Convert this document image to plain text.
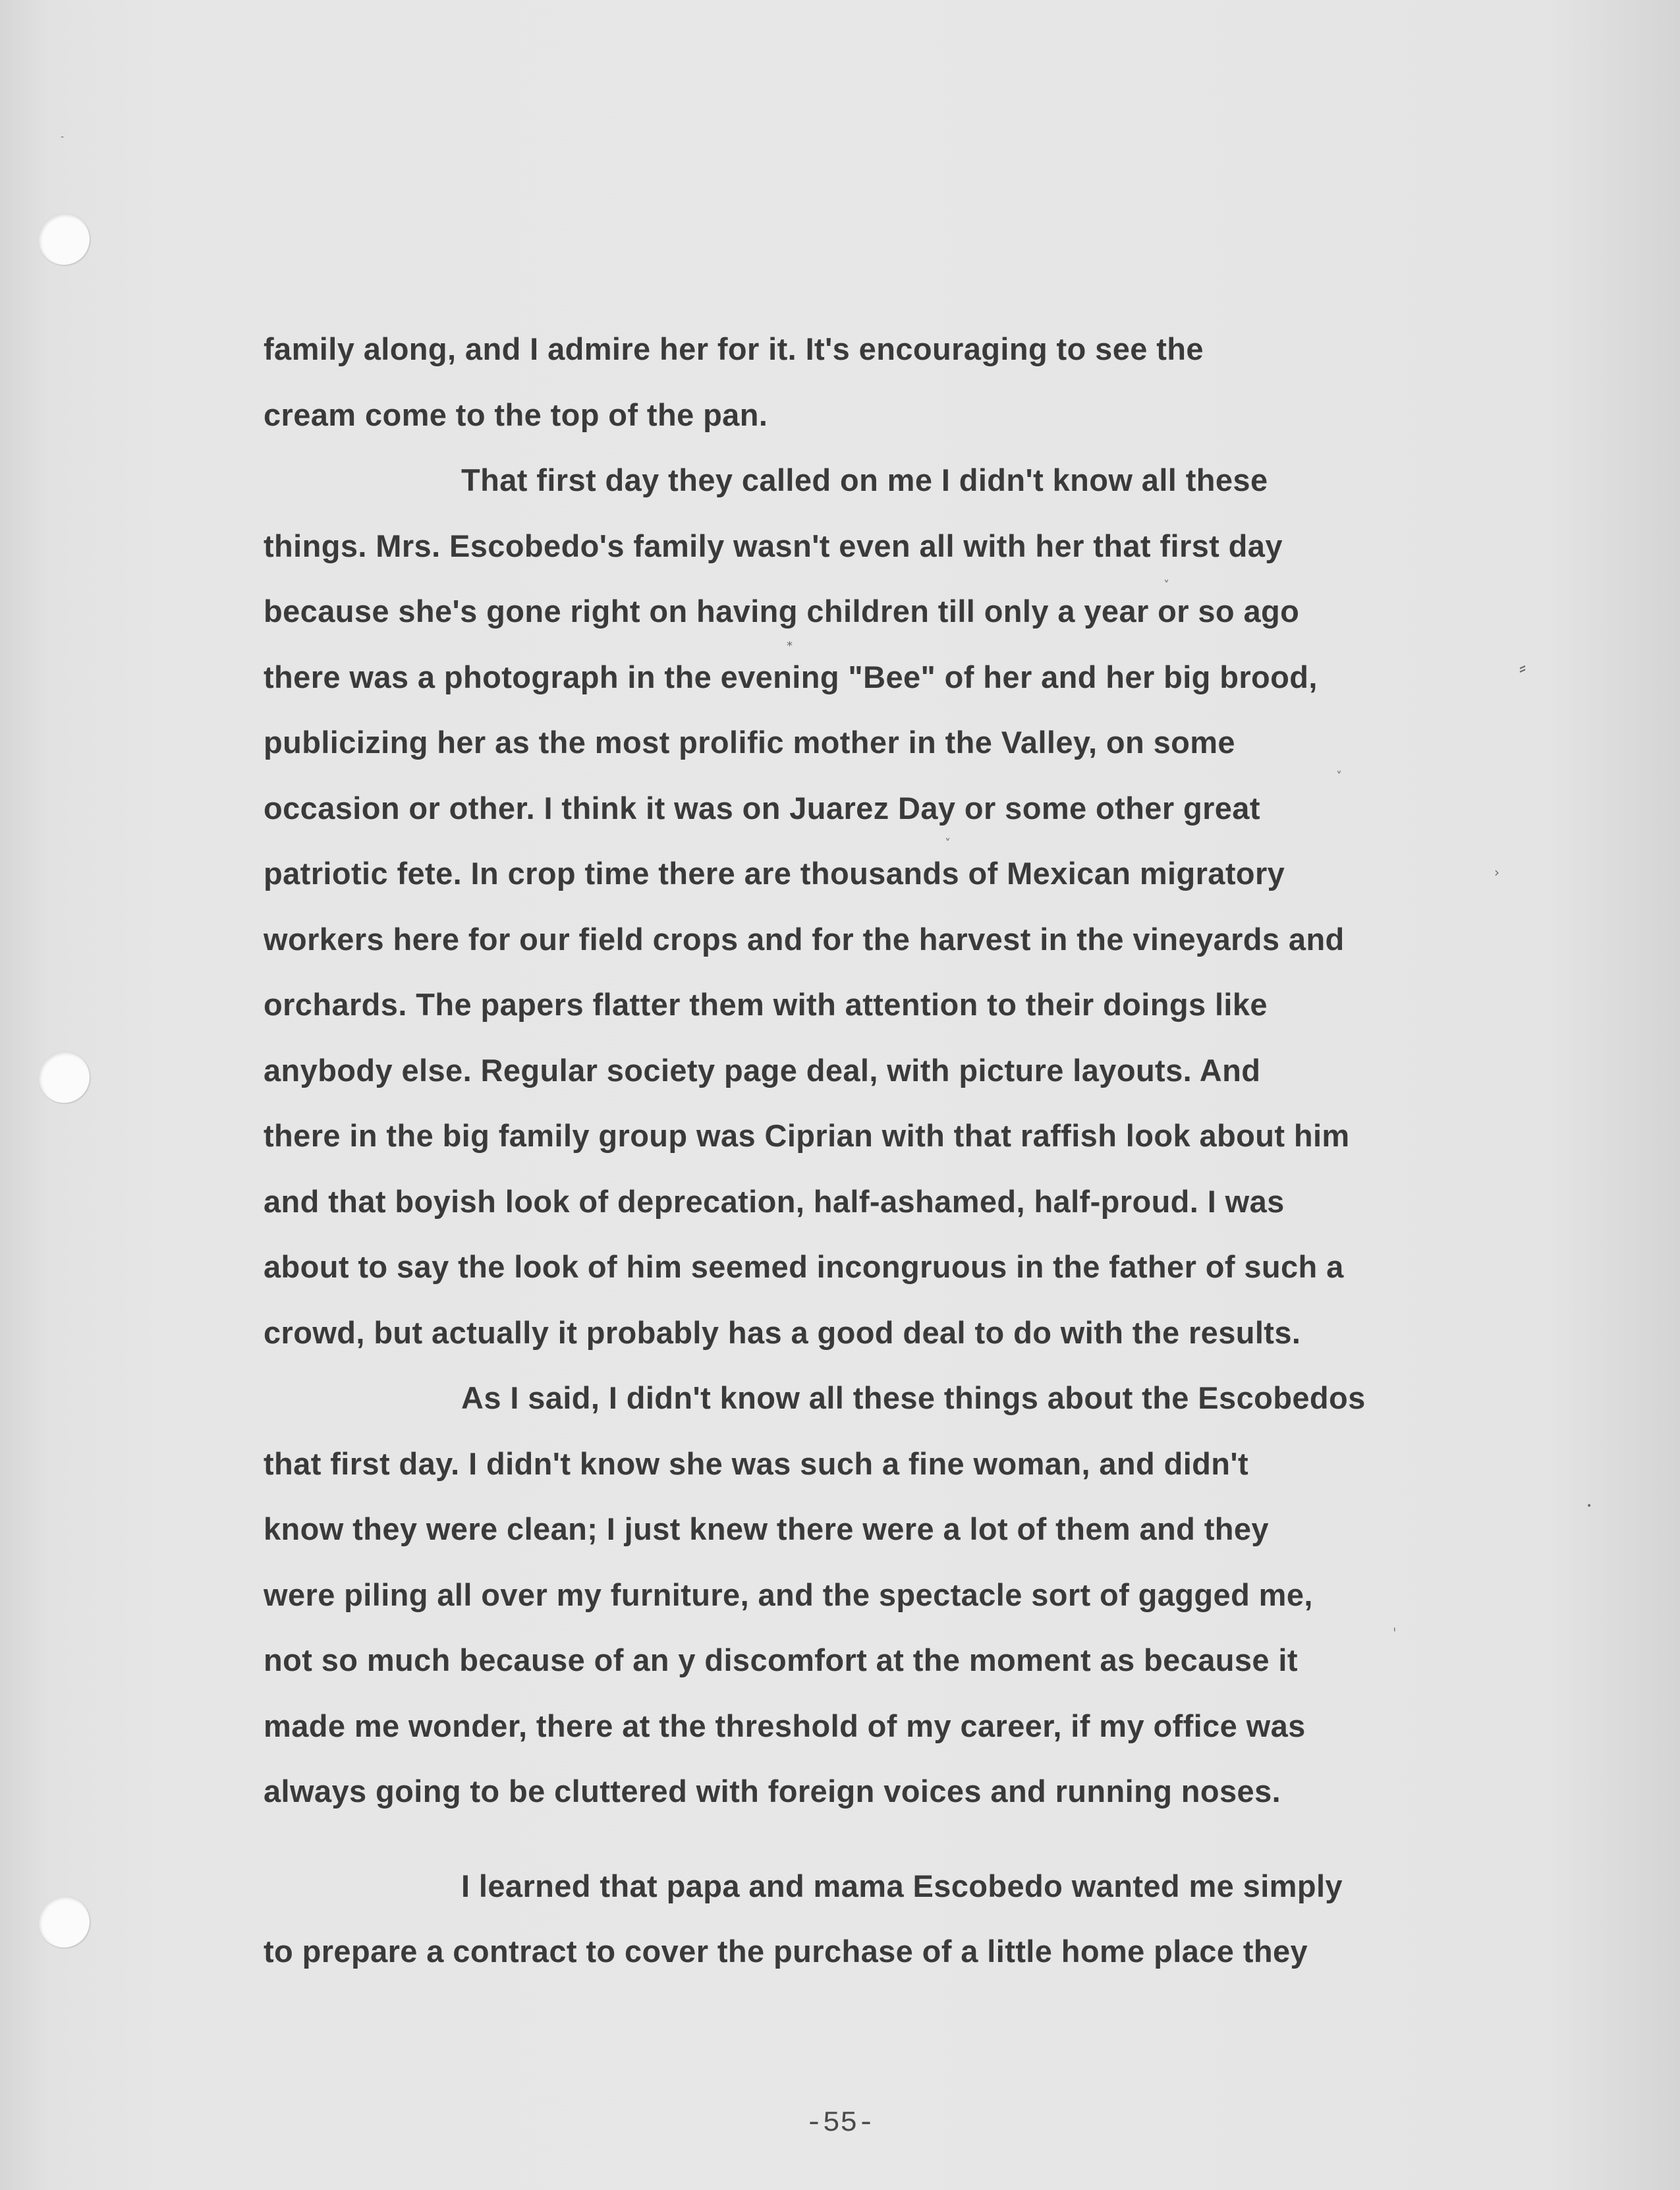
-
⸗
›
•
˅
*
˅
˅
ˌ
family along, and I admire her for it. It's encouraging to see the
cream come to the top of the pan.
That first day they called on me I didn't know all these
things. Mrs. Escobedo's family wasn't even all with her that first day
because she's gone right on having children till only a year or so ago
there was a photograph in the evening "Bee" of her and her big brood,
publicizing her as the most prolific mother in the Valley, on some
occasion or other. I think it was on Juarez Day or some other great
patriotic fete. In crop time there are thousands of Mexican migratory
workers here for our field crops and for the harvest in the vineyards and
orchards. The papers flatter them with attention to their doings like
anybody else. Regular society page deal, with picture layouts. And
there in the big family group was Ciprian with that raffish look about him
and that boyish look of deprecation, half-ashamed, half-proud. I was
about to say the look of him seemed incongruous in the father of such a
crowd, but actually it probably has a good deal to do with the results.
As I said, I didn't know all these things about the Escobedos
that first day. I didn't know she was such a fine woman, and didn't
know they were clean; I just knew there were a lot of them and they
were piling all over my furniture, and the spectacle sort of gagged me,
not so much because of an y discomfort at the moment as because it
made me wonder, there at the threshold of my career, if my office was
always going to be cluttered with foreign voices and running noses.
I learned that papa and mama Escobedo wanted me simply
to prepare a contract to cover the purchase of a little home place they
-55-
